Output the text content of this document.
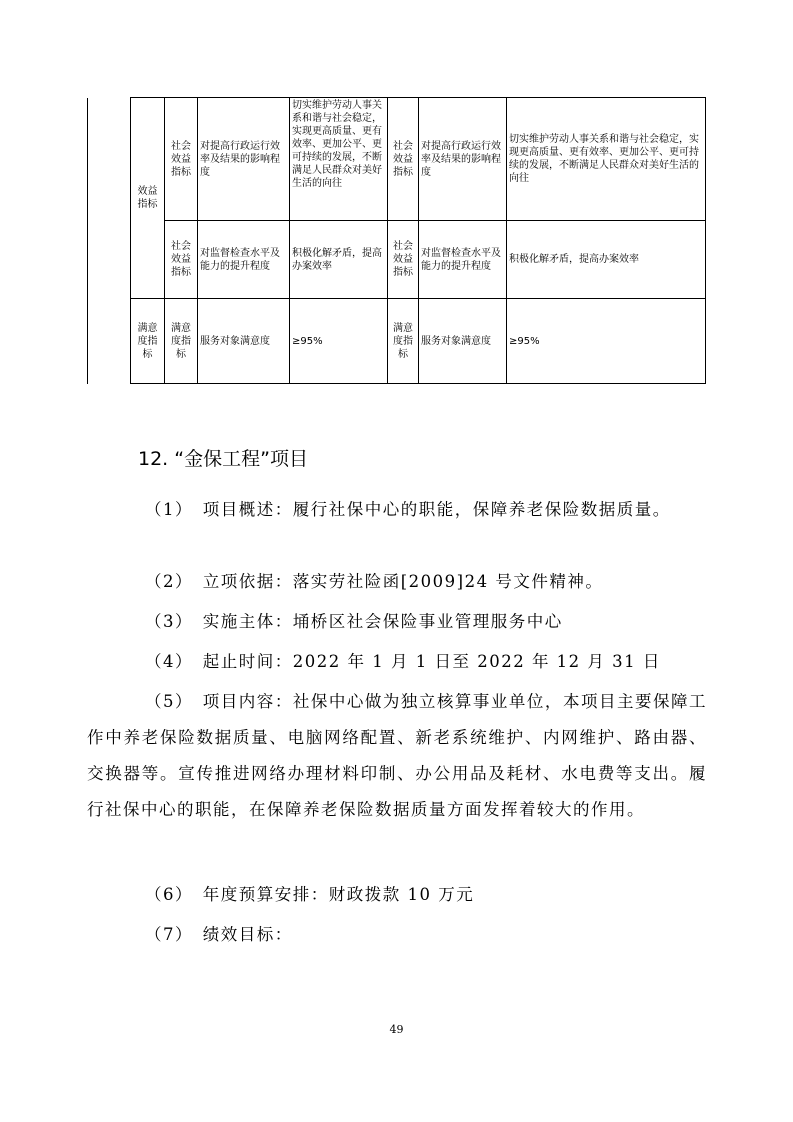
	效益指标	社会效益指标	对提高行政运行效率及结果的影响程度	切实维护劳动人事关系和谐与社会稳定，实现更高质量、更有效率、更加公平、更可持续的发展，不断满足人民群众对美好生活的向往	社会效益指标	对提高行政运行效率及结果的影响程度	切实维护劳动人事关系和谐与社会稳定，实现更高质量、更有效率、更加公平、更可持续的发展，不断满足人民群众对美好生活的向往
		社会效益指标	对监督检查水平及能力的提升程度	积极化解矛盾，提高办案效率	社会效益指标	对监督检查水平及能力的提升程度	积极化解矛盾，提高办案效率
	满意度指标	满意度指标	服务对象满意度	≥95%	满意度指标	服务对象满意度	≥95%
12. “金保工程”项目
（1）　项目概述：履行社保中心的职能，保障养老保险数据质量。
（2）　立项依据：落实劳社险函[2009]24 号文件精神。
（3）　实施主体：埇桥区社会保险事业管理服务中心
（4）　起止时间：2022 年 1 月 1 日至 2022 年 12 月 31 日
（5）　项目内容：社保中心做为独立核算事业单位，本项目主要保障工作中养老保险数据质量、电脑网络配置、新老系统维护、内网维护、路由器、交换器等。宣传推进网络办理材料印制、办公用品及耗材、水电费等支出。履行社保中心的职能，在保障养老保险数据质量方面发挥着较大的作用。
（6）　年度预算安排：财政拨款 10 万元
（7）　绩效目标：
49
